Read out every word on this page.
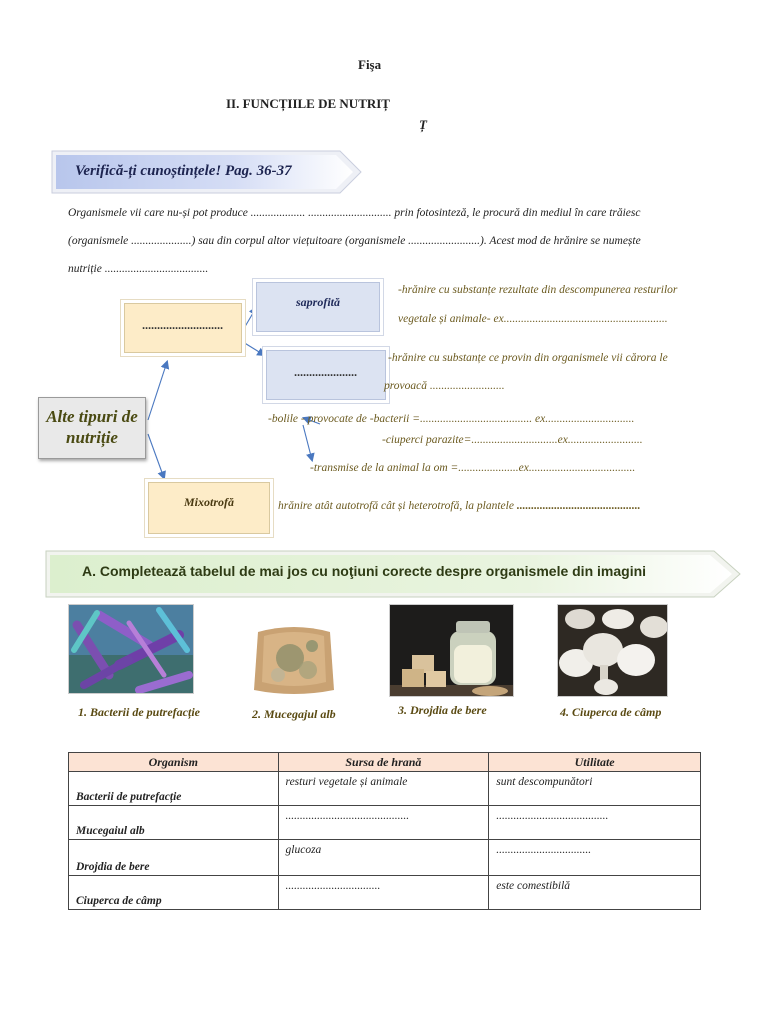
Fişa
II. FUNCȚIILE DE NUTRIȚ
Ț
Verifică-ți cunoștințele! Pag. 36-37
Organismele vii care nu-și pot produce ................... ............................. prin fotosinteză, le procură din mediul în care trăiesc
(organismele .....................) sau din corpul altor viețuitoare (organismele .........................). Acest mod de hrănire se numește
nutriție ....................................
Alte tipuri de nutriție
...........................
saprofită
.....................
Mixotrofă
-hrănire cu substanțe rezultate din descompunerea resturilor
vegetale și animale- ex.........................................................
-hrănire cu substanțe ce provin din organismele vii cărora le
provoacă ..........................
-bolile - provocate de -bacterii =....................................... ex...............................
-ciuperci parazite=..............................ex..........................
-transmise de la animal la om =.....................ex.....................................
hrănire atât autotrofă cât și heterotrofă, la plantele ...........................................
A. Completează tabelul de mai jos cu noţiuni corecte despre organismele din imagini
1. Bacterii de putrefacție	2. Mucegajul alb	3. Drojdia de bere	4. Ciuperca de câmp
Organism	Sursa de hrană	Utilitate
Bacterii de putrefacție	resturi vegetale și animale	sunt descompunători
Mucegaiul alb	...........................................	.......................................
Drojdia de bere	glucoza	.................................
Ciuperca de câmp	.................................	este comestibilă
